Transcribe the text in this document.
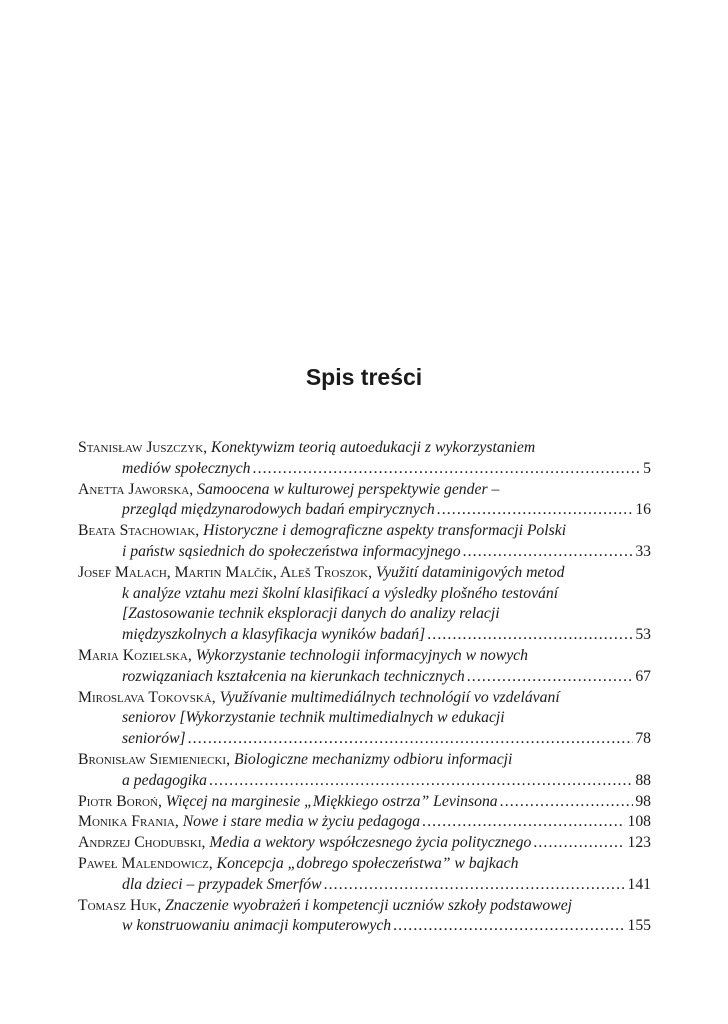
Spis treści
Stanisław Juszczyk , Konektywizm teorią autoedukacji z wykorzystaniem
mediów społecznych . . .	5
Anetta Jaworska , Samoocena w kulturowej perspektywie gender –
przegląd międzynarodowych badań empirycznych . . .	16
Beata Stachowiak , Historyczne i demograficzne aspekty transformacji Polski
i państw sąsiednich do społeczeństwa informacyjnego . . .	33
Josef Malach, Martin Malčík, Aleš Troszok , Využití dataminigových metod
k analýze vztahu mezi školní klasifikací a výsledky plošného testování
[Zastosowanie technik eksploracji danych do analizy relacji
międzyszkolnych a klasyfikacja wyników badań] . . .	53
Maria Kozielska , Wykorzystanie technologii informacyjnych w nowych
rozwiązaniach kształcenia na kierunkach technicznych . . .	67
Miroslava Tokovská , Využívanie multimediálnych technológií vo vzdelávaní
seniorov [Wykorzystanie technik multimedialnych w edukacji
seniorów] . . .	78
Bronisław Siemieniecki , Biologiczne mechanizmy odbioru informacji
a pedagogika . . .	88
Piotr Boroń , Więcej na marginesie „Miękkiego ostrza” Levinsona . . .	98
Monika Frania , Nowe i stare media w życiu pedagoga . . .	108
Andrzej Chodubski , Media a wektory współczesnego życia politycznego . . .	123
Paweł Malendowicz , Koncepcja „dobrego społeczeństwa” w bajkach
dla dzieci – przypadek Smerfów . . .	141
Tomasz Huk , Znaczenie wyobrażeń i kompetencji uczniów szkoły podstawowej
w konstruowaniu animacji komputerowych . . .	155
